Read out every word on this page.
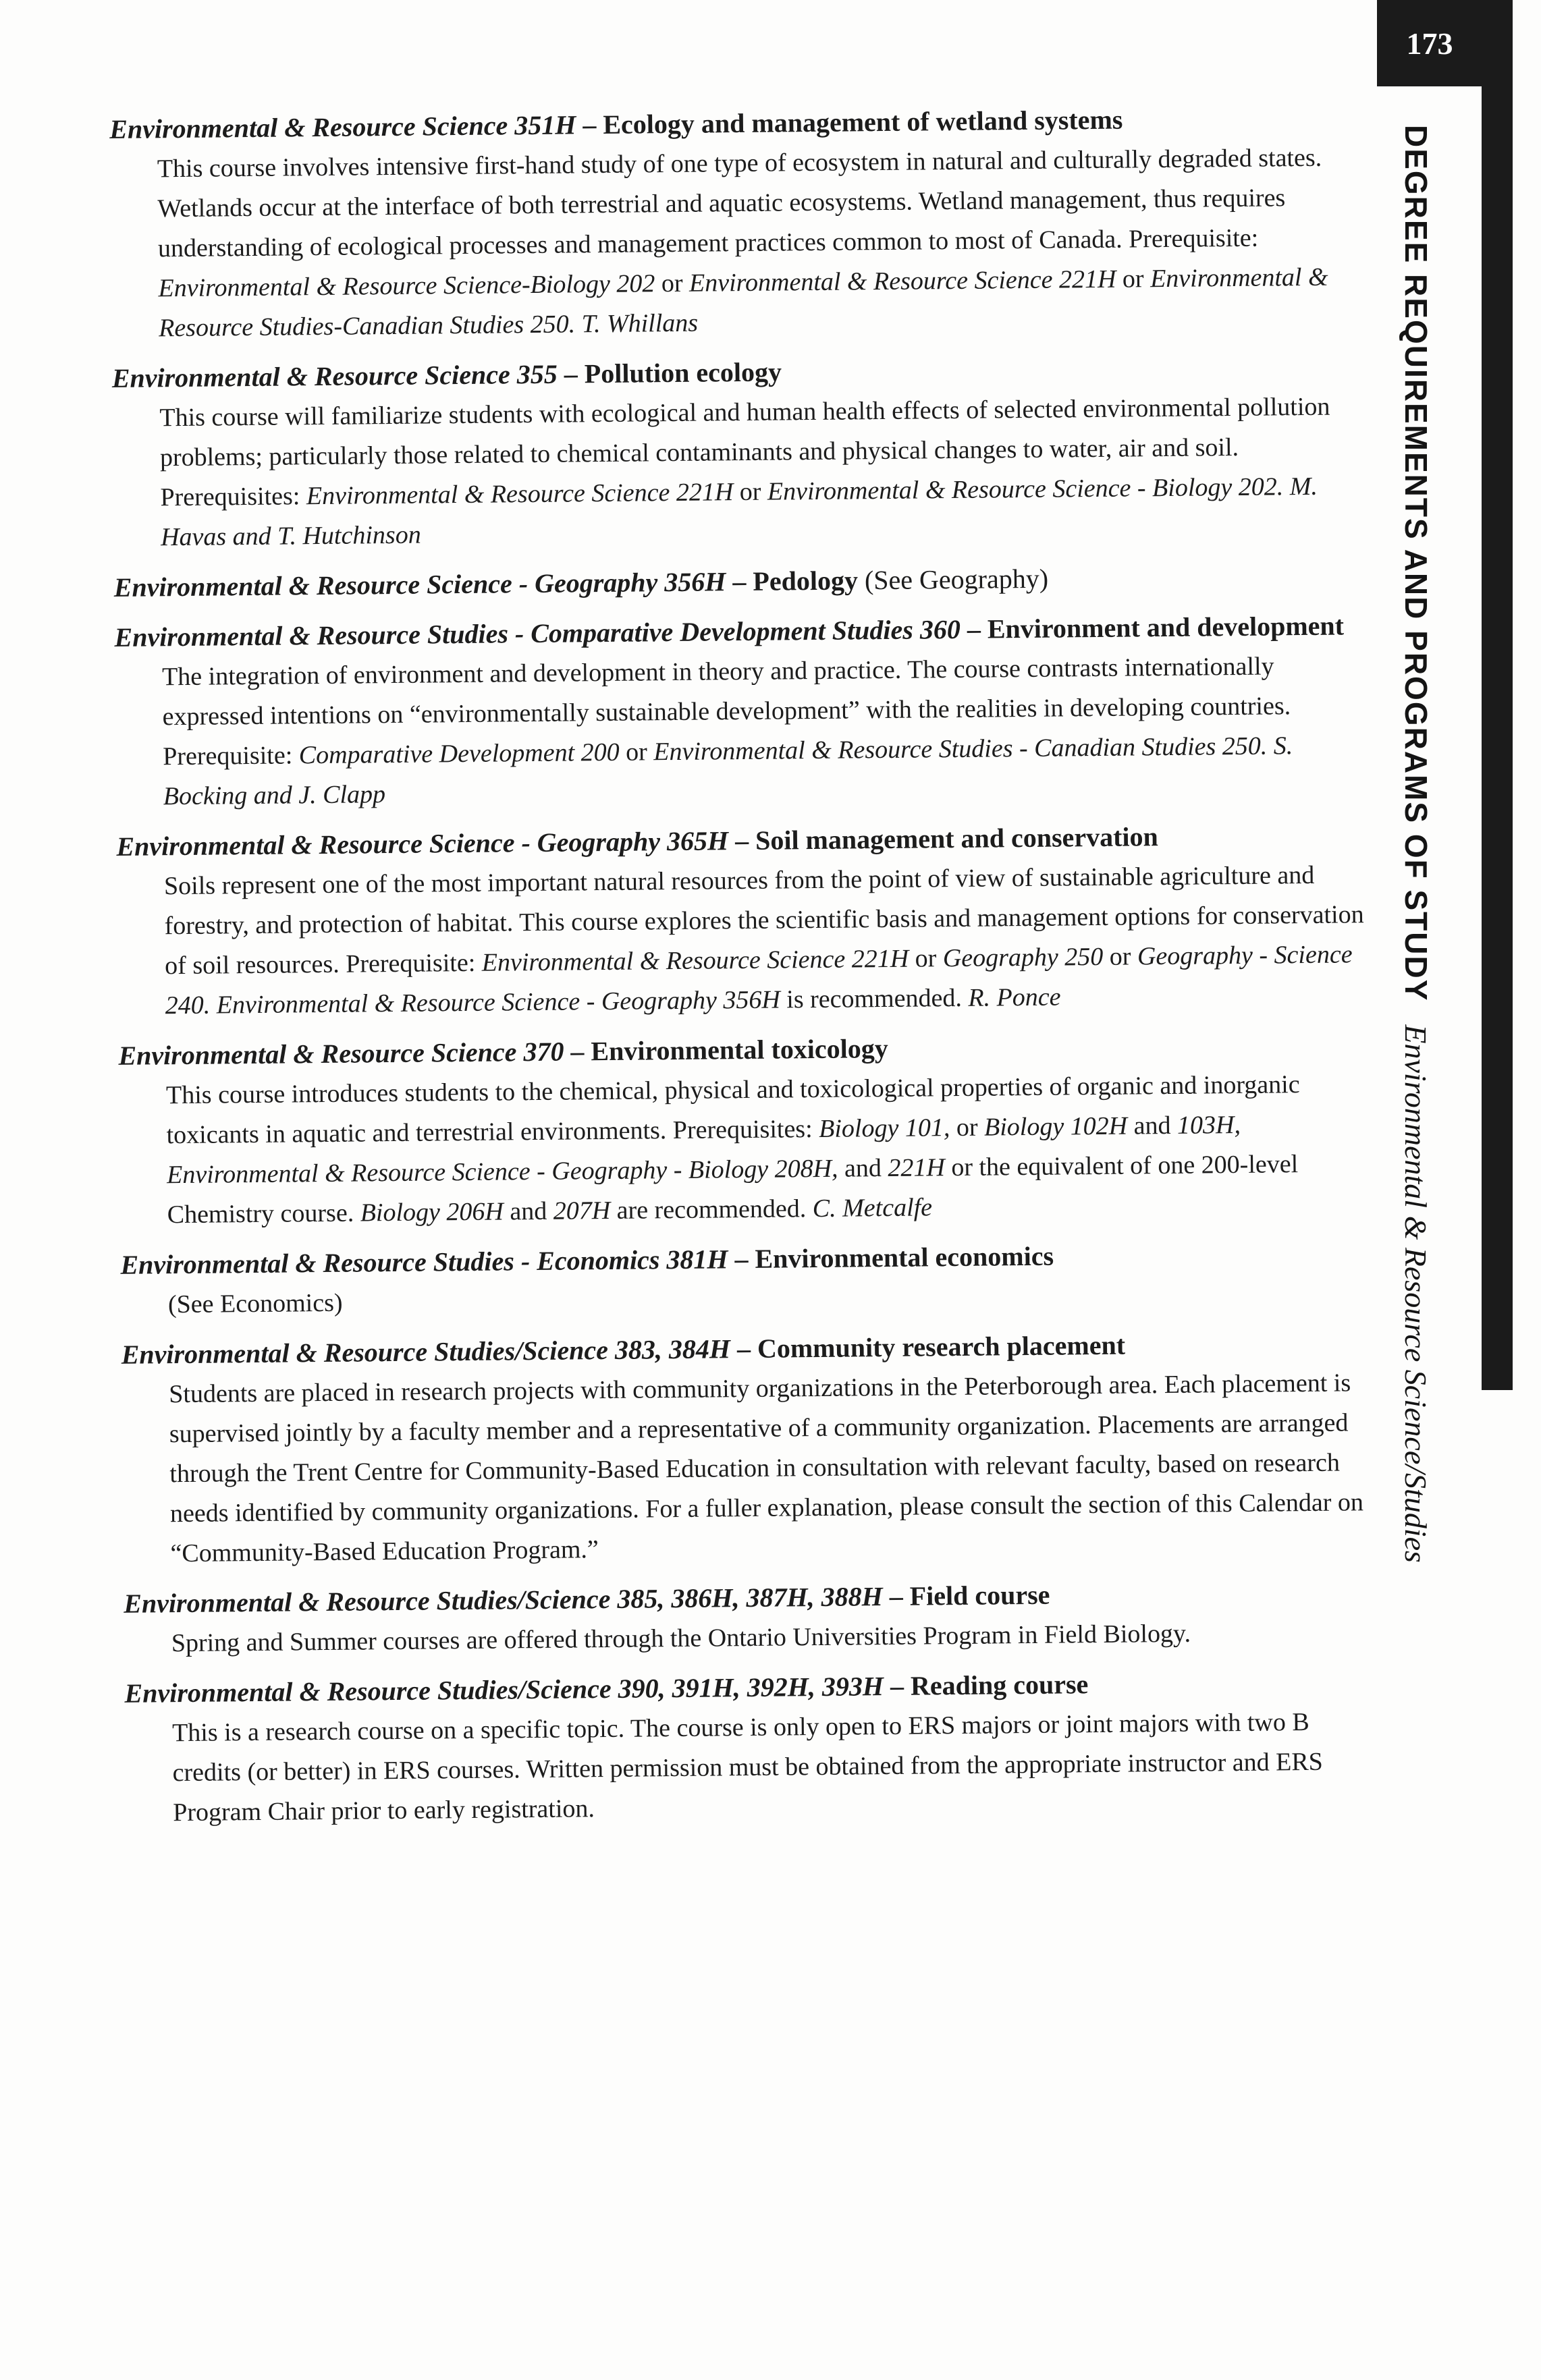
173
DEGREE REQUIREMENTS AND PROGRAMS OF STUDYEnvironmental & Resource Science/Studies
Environmental & Resource Science 351H – Ecology and management of wetland systems
This course involves intensive first-hand study of one type of ecosystem in natural and culturally degraded states. Wetlands occur at the interface of both terrestrial and aquatic ecosystems. Wetland management, thus requires understanding of ecological processes and management practices common to most of Canada. Prerequisite: Environmental & Resource Science-Biology 202 or Environmental & Resource Science 221H or Environmental & Resource Studies-Canadian Studies 250. T. Whillans
Environmental & Resource Science 355 – Pollution ecology
This course will familiarize students with ecological and human health effects of selected environmental pollution problems; particularly those related to chemical contaminants and physical changes to water, air and soil. Prerequisites: Environmental & Resource Science 221H or Environmental & Resource Science - Biology 202. M. Havas and T. Hutchinson
Environmental & Resource Science - Geography 356H – Pedology (See Geography)
Environmental & Resource Studies - Comparative Development Studies 360 – Environment and development
The integration of environment and development in theory and practice. The course contrasts internationally expressed intentions on “environmentally sustainable development” with the realities in developing countries. Prerequisite: Comparative Development 200 or Environmental & Resource Studies - Canadian Studies 250. S. Bocking and J. Clapp
Environmental & Resource Science - Geography 365H – Soil management and conservation
Soils represent one of the most important natural resources from the point of view of sustainable agriculture and forestry, and protection of habitat. This course explores the scientific basis and management options for conservation of soil resources. Prerequisite: Environmental & Resource Science 221H or Geography 250 or Geography - Science 240. Environmental & Resource Science - Geography 356H is recommended. R. Ponce
Environmental & Resource Science 370 – Environmental toxicology
This course introduces students to the chemical, physical and toxicological properties of organic and inorganic toxicants in aquatic and terrestrial environments. Prerequisites: Biology 101, or Biology 102H and 103H, Environmental & Resource Science - Geography - Biology 208H, and 221H or the equivalent of one 200-level Chemistry course. Biology 206H and 207H are recommended. C. Metcalfe
Environmental & Resource Studies - Economics 381H – Environmental economics
(See Economics)
Environmental & Resource Studies/Science 383, 384H – Community research placement
Students are placed in research projects with community organizations in the Peterborough area. Each placement is supervised jointly by a faculty member and a representative of a community organization. Placements are arranged through the Trent Centre for Community-Based Education in consultation with relevant faculty, based on research needs identified by community organizations. For a fuller explanation, please consult the section of this Calendar on “Community-Based Education Program.”
Environmental & Resource Studies/Science 385, 386H, 387H, 388H – Field course
Spring and Summer courses are offered through the Ontario Universities Program in Field Biology.
Environmental & Resource Studies/Science 390, 391H, 392H, 393H – Reading course
This is a research course on a specific topic. The course is only open to ERS majors or joint majors with two B credits (or better) in ERS courses. Written permission must be obtained from the appropriate instructor and ERS Program Chair prior to early registration.
